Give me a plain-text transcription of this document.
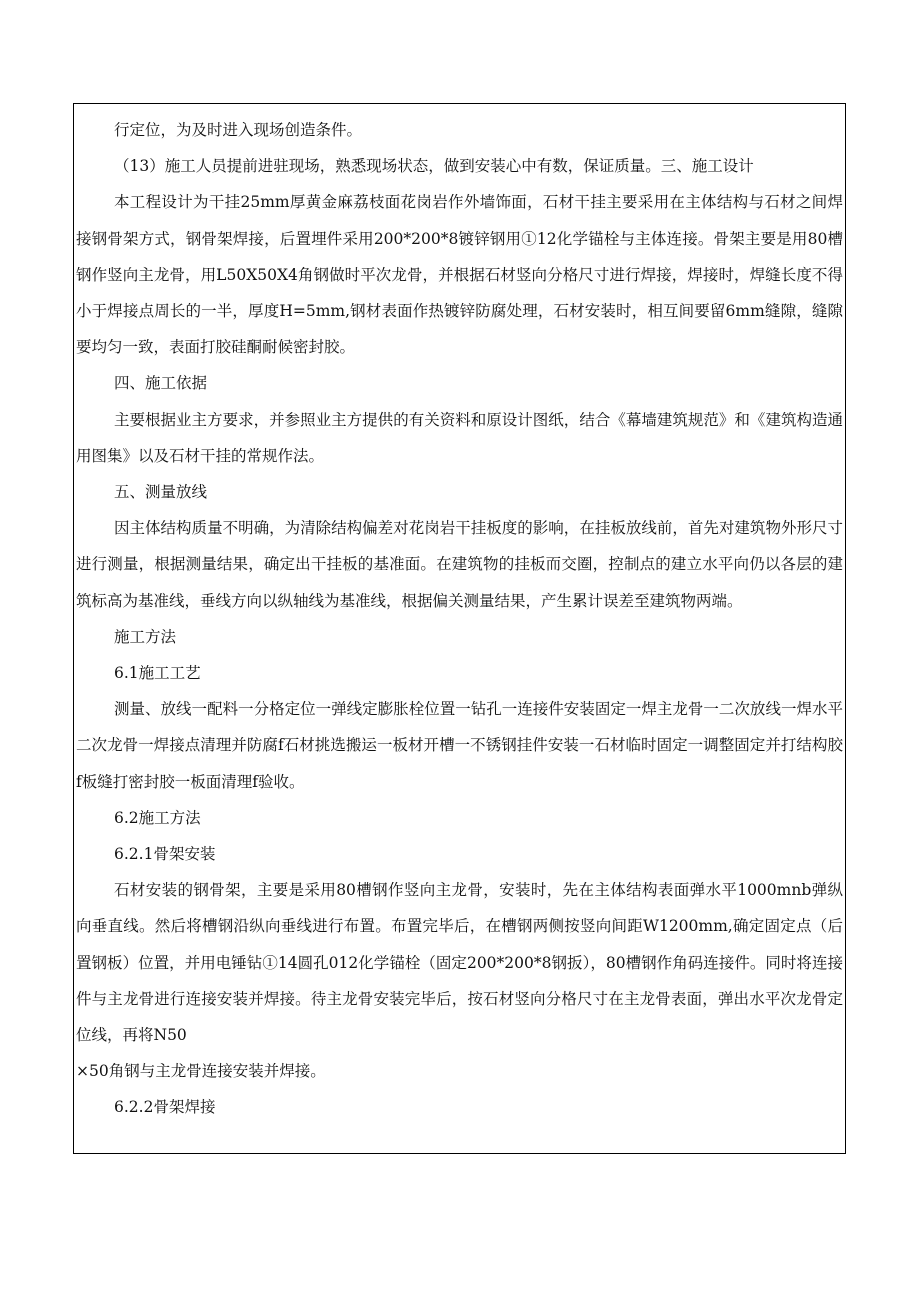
行定位，为及时进入现场创造条件。

（13）施工人员提前进驻现场，熟悉现场状态，做到安装心中有数，保证质量。三、施工设计

本工程设计为干挂25mm厚黄金麻荔枝面花岗岩作外墙饰面，石材干挂主要采用在主体结构与石材之间焊接钢骨架方式，钢骨架焊接，后置埋件采用200*200*8镀锌钢用①12化学锚栓与主体连接。骨架主要是用80槽钢作竖向主龙骨，用L50X50X4角钢做时平次龙骨，并根据石材竖向分格尺寸进行焊接，焊接时，焊缝长度不得小于焊接点周长的一半，厚度H=5mm,钢材表面作热镀锌防腐处理，石材安装时，相互间要留6mm缝隙，缝隙要均匀一致，表面打胶硅酮耐候密封胶。

四、施工依据

主要根据业主方要求，并参照业主方提供的有关资料和原设计图纸，结合《幕墙建筑规范》和《建筑构造通用图集》以及石材干挂的常规作法。

五、测量放线

因主体结构质量不明确，为清除结构偏差对花岗岩干挂板度的影响，在挂板放线前，首先对建筑物外形尺寸进行测量，根据测量结果，确定出干挂板的基准面。在建筑物的挂板而交圈，控制点的建立水平向仍以各层的建筑标高为基准线，垂线方向以纵轴线为基准线，根据偏关测量结果，产生累计误差至建筑物两端。

施工方法

6.1施工工艺

测量、放线一配料一分格定位一弹线定膨胀栓位置一钻孔一连接件安装固定一焊主龙骨一二次放线一焊水平二次龙骨一焊接点清理并防腐f石材挑选搬运一板材开槽一不锈钢挂件安装一石材临时固定一调整固定并打结构胶f板缝打密封胶一板面清理f验收。

6.2施工方法

6.2.1骨架安装

石材安装的钢骨架，主要是采用80槽钢作竖向主龙骨，安装时，先在主体结构表面弹水平1000mnb弹纵向垂直线。然后将槽钢沿纵向垂线进行布置。布置完毕后，在槽钢两侧按竖向间距W1200mm,确定固定点（后置钢板）位置，并用电锤钻①14圆孔012化学锚栓（固定200*200*8钢扳），80槽钢作角码连接件。同时将连接件与主龙骨进行连接安装并焊接。待主龙骨安装完毕后，按石材竖向分格尺寸在主龙骨表面，弹出水平次龙骨定位线，再将N50

×50角钢与主龙骨连接安装并焊接。

6.2.2骨架焊接
